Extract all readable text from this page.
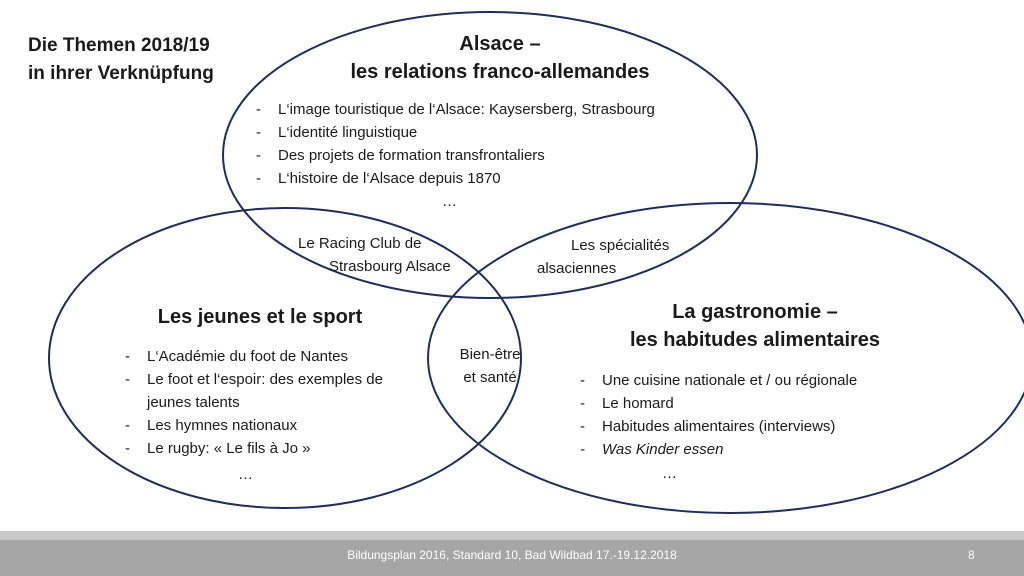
Die Themen 2018/19
in ihrer Verknüpfung
Alsace –
les relations franco-allemandes
- L‘image touristique de l‘Alsace: Kaysersberg, Strasbourg
- L‘identité linguistique
- Des projets de formation transfrontaliers
- L‘histoire de l‘Alsace depuis 1870
…
Le Racing Club de
Strasbourg Alsace
Les spécialités
alsaciennes
Bien-être
et santé
Les jeunes et le sport
- L‘Académie du foot de Nantes
- Le foot et l‘espoir: des exemples de jeunes talents
- Les hymnes nationaux
- Le rugby: « Le fils à Jo »
…
La gastronomie –
les habitudes alimentaires
- Une cuisine nationale et / ou régionale
- Le homard
- Habitudes alimentaires (interviews)
- Was Kinder essen
…
Bildungsplan 2016, Standard 10, Bad Wildbad 17.-19.12.2018	8
